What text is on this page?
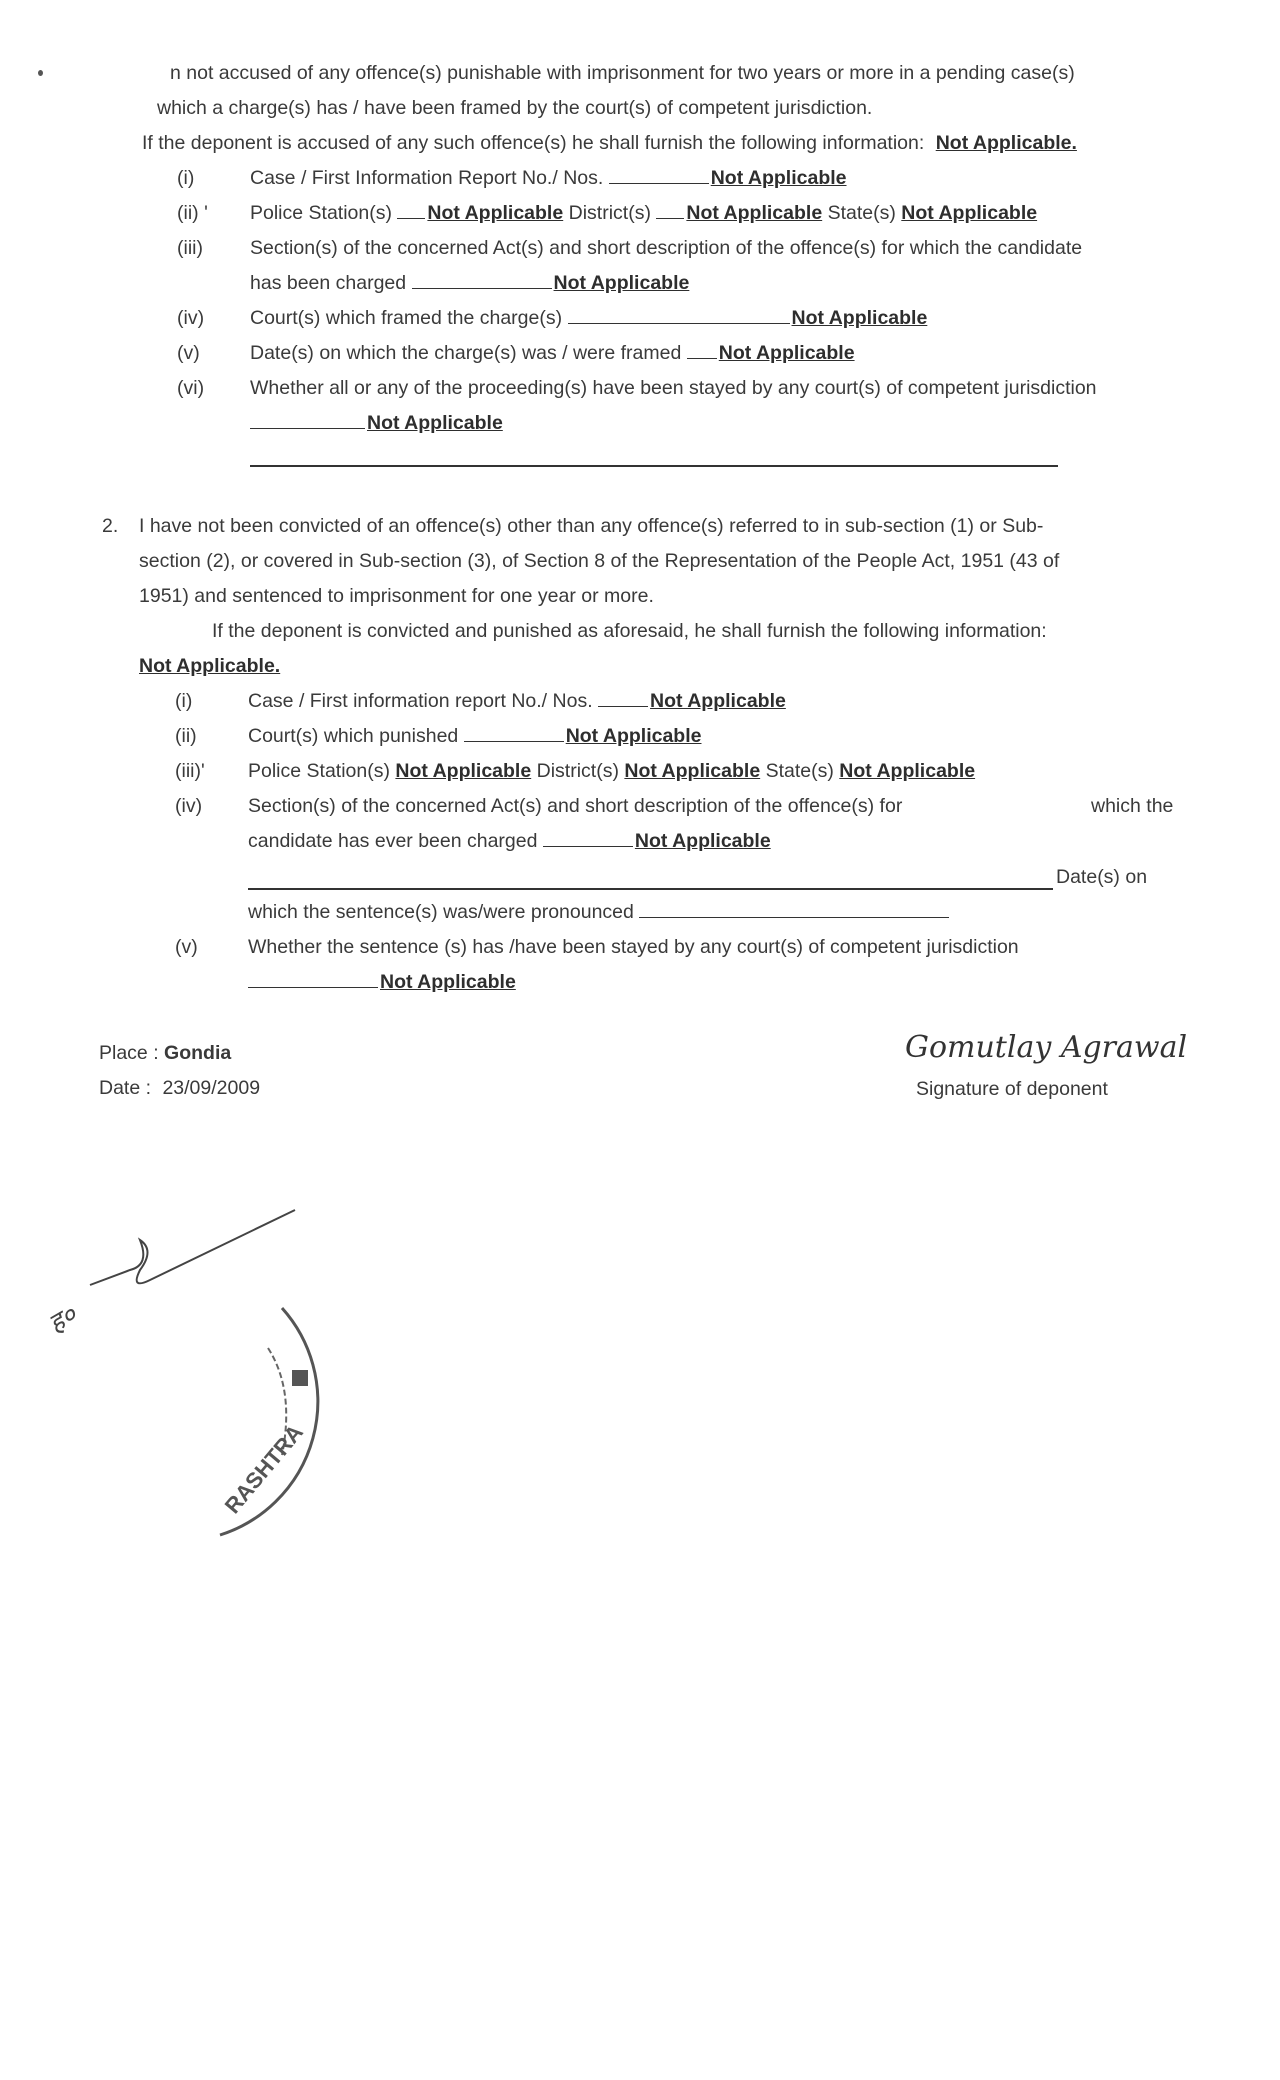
n not accused of any offence(s) punishable with imprisonment for two years or more in a pending case(s)
which a charge(s) has / have been framed by the court(s) of competent jurisdiction.
If the deponent is accused of any such offence(s) he shall furnish the following information: Not Applicable.
(i)	Case / First Information Report No./ Nos.	Not Applicable
(ii) ' Police Station(s) Not Applicable District(s) Not Applicable State(s) Not Applicable
(iii) Section(s) of the concerned Act(s) and short description of the offence(s) for which the candidate
has been charged	Not Applicable
(iv) Court(s) which framed the charge(s)	Not Applicable
(v)	Date(s) on which the charge(s) was / were framed Not Applicable
(vi) Whether all or any of the proceeding(s) have been stayed by any court(s) of competent jurisdiction
Not Applicable
2. I have not been convicted of an offence(s) other than any offence(s) referred to in sub-section (1) or Sub-
section (2), or covered in Sub-section (3), of Section 8 of the Representation of the People Act, 1951 (43 of
1951) and sentenced to imprisonment for one year or more.
If the deponent is convicted and punished as aforesaid, he shall furnish the following information:
Not Applicable.
(i)	Case / First information report No./ Nos.	Not Applicable
(ii)	Court(s) which punished	Not Applicable
(iii)' Police Station(s) Not Applicable District(s) Not Applicable State(s) Not Applicable
(iv) Section(s) of the concerned Act(s) and short description of the offence(s) for	which the
candidate has ever been charged	Not Applicable
Date(s) on
which the sentence(s) was/were pronounced
(v)	Whether the sentence (s) has /have been stayed by any court(s) of competent jurisdiction
Not Applicable
Place : Gondia
Date : 23/09/2009
Gomutlay Agrawal
Signature of deponent
RASHTRA
ह०
